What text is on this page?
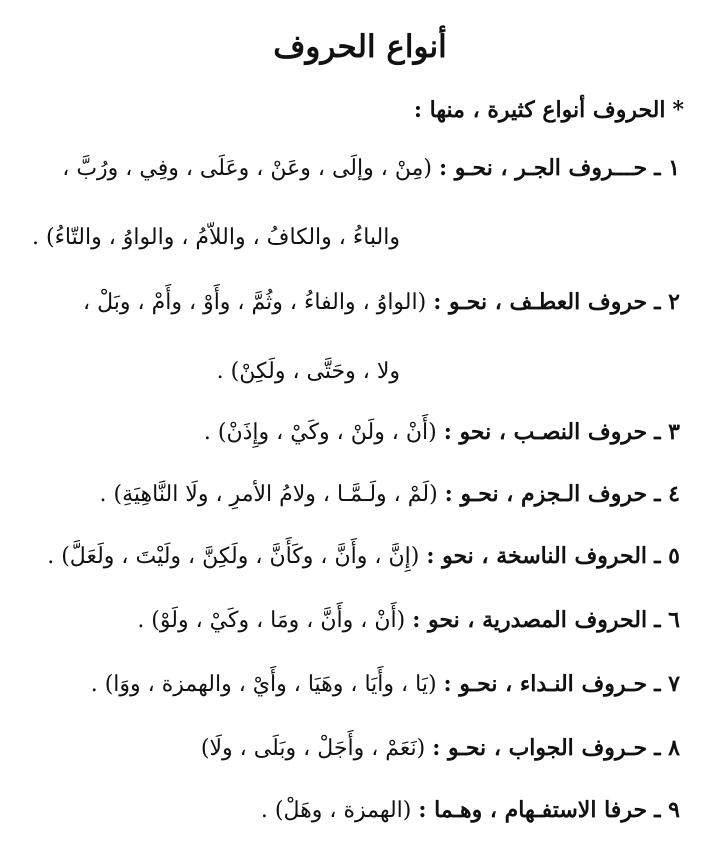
أنواع الحروف
* الحروف أنواع كثيرة ، منها :
١ ـ حـــروف الجـر ، نحـو : (مِنْ ، وإلَى ، وعَنْ ، وعَلَى ، وفِي ، ورُبَّ ،
والباءُ ، والكافُ ، واللاّمُ ، والواوُ ، والتّاءُ) .
٢ ـ حروف العطـف ، نحـو : (الواوُ ، والفاءُ ، وثُمَّ ، وأَوْ ، وأَمْ ، وبَلْ ،
ولا ، وحَتَّى ، ولَكِنْ) .
٣ ـ حروف النصـب ، نحو : (أَنْ ، ولَنْ ، وكَيْ ، وإِذَنْ) .
٤ ـ حروف الـجزم ، نحـو : (لَمْ ، ولَـمَّـا ، ولامُ الأمرِ ، ولَا النَّاهِيَةِ) .
٥ ـ الحروف الناسخة ، نحو : (إِنَّ ، وأَنَّ ، وكَأَنَّ ، ولَكِنَّ ، ولَيْتَ ، ولَعَلَّ) .
٦ ـ الحروف المصدرية ، نحو : (أَنْ ، وأَنَّ ، ومَا ، وكَيْ ، ولَوْ) .
٧ ـ حـروف النـداء ، نحـو : (يَا ، وأَيَا ، وهَيَا ، وأَيْ ، والهمزة ، ووَا) .
٨ ـ حـروف الجواب ، نحـو : (نَعَمْ ، وأَجَلْ ، وبَلَى ، ولَا)
٩ ـ حرفا الاستفـهام ، وهـما : (الهمزة ، وهَلْ) .
